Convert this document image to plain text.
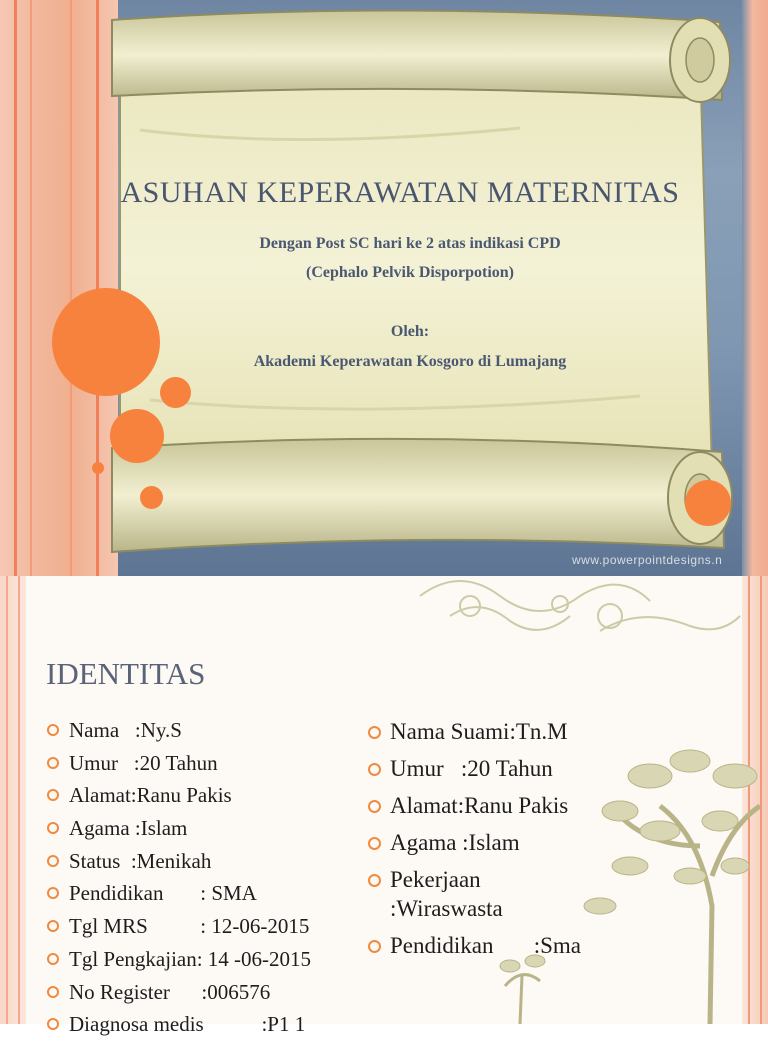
ASUHAN KEPERAWATAN MATERNITAS

Dengan Post SC hari ke 2 atas indikasi CPD

(Cephalo Pelvik Disporpotion)

Oleh:

Akademi Keperawatan Kosgoro di Lumajang

www.powerpointdesigns.n
IDENTITAS
Nama   :Ny.S
Umur   :20 Tahun
Alamat:Ranu Pakis
Agama :Islam
Status  :Menikah
Pendidikan       : SMA
Tgl MRS          : 12-06-2015
Tgl Pengkajian: 14 -06-2015
No Register      :006576
Diagnosa medis           :P1 1
Nama Suami:Tn.M
Umur   :20 Tahun
Alamat:Ranu Pakis
Agama :Islam
Pekerjaan
:Wiraswasta
Pendidikan       :Sma
